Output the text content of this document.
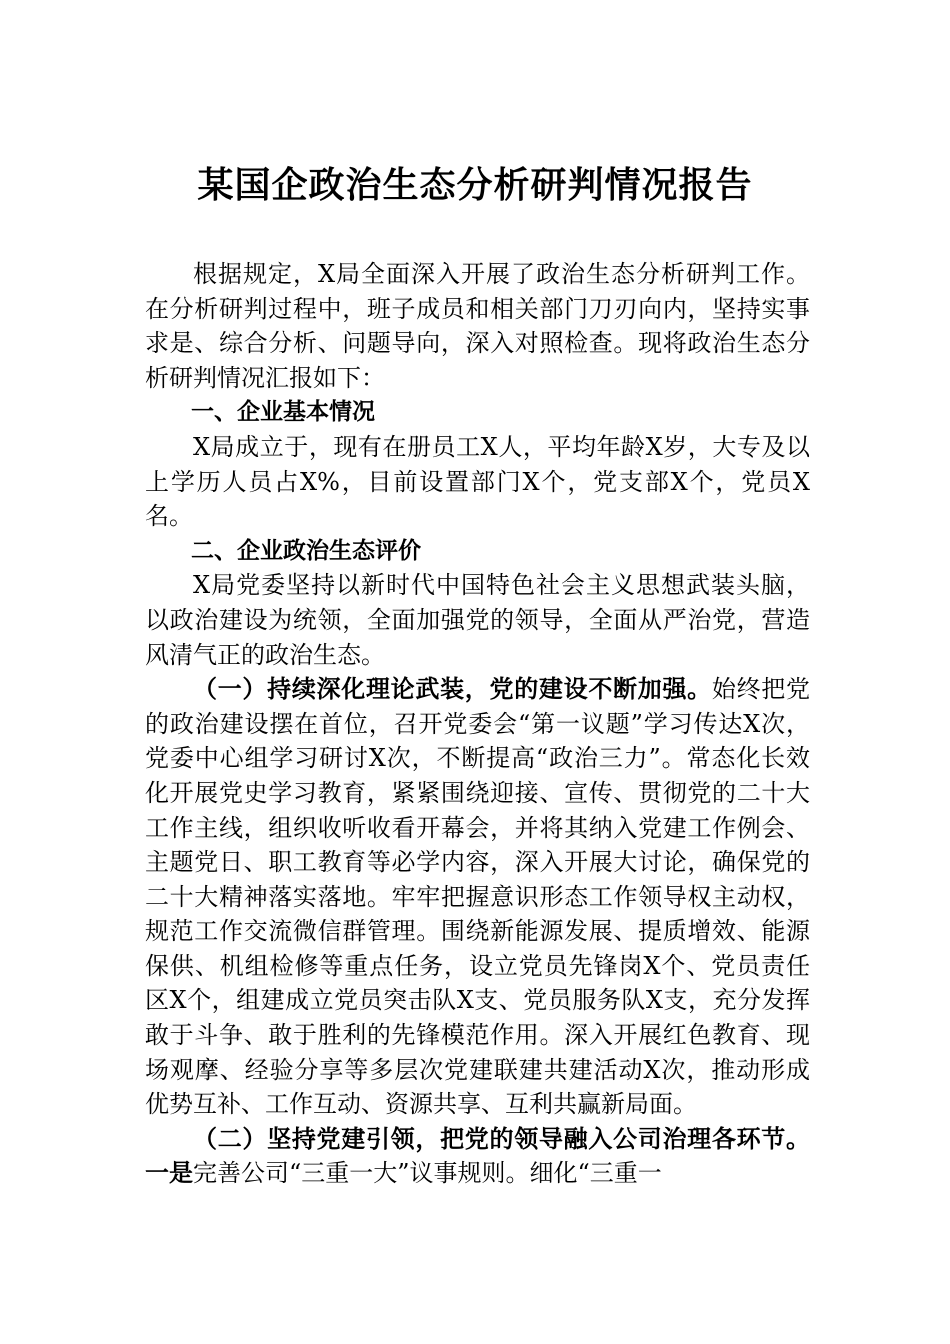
某国企政治生态分析研判情况报告

根据规定，X局全面深入开展了政治生态分析研判工作。在分析研判过程中，班子成员和相关部门刀刃向内，坚持实事求是、综合分析、问题导向，深入对照检查。现将政治生态分析研判情况汇报如下：

一、企业基本情况

X局成立于，现有在册员工X人，平均年龄X岁，大专及以上学历人员占X%，目前设置部门X个，党支部X个，党员X名。

二、企业政治生态评价

X局党委坚持以新时代中国特色社会主义思想武装头脑，以政治建设为统领，全面加强党的领导，全面从严治党，营造风清气正的政治生态。

（一）持续深化理论武装，党的建设不断加强。始终把党的政治建设摆在首位，召开党委会“第一议题”学习传达X次，党委中心组学习研讨X次，不断提高“政治三力”。常态化长效化开展党史学习教育，紧紧围绕迎接、宣传、贯彻党的二十大工作主线，组织收听收看开幕会，并将其纳入党建工作例会、主题党日、职工教育等必学内容，深入开展大讨论，确保党的二十大精神落实落地。牢牢把握意识形态工作领导权主动权，规范工作交流微信群管理。围绕新能源发展、提质增效、能源保供、机组检修等重点任务，设立党员先锋岗X个、党员责任区X个，组建成立党员突击队X支、党员服务队X支，充分发挥敢于斗争、敢于胜利的先锋模范作用。深入开展红色教育、现场观摩、经验分享等多层次党建联建共建活动X次，推动形成优势互补、工作互动、资源共享、互利共赢新局面。

（二）坚持党建引领，把党的领导融入公司治理各环节。一是完善公司“三重一大”议事规则。细化“三重一
